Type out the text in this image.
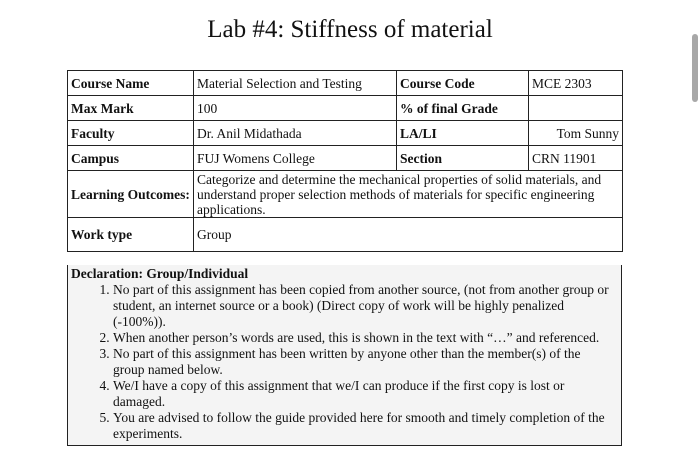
Lab #4: Stiffness of material
Course Name	Material Selection and Testing	Course Code	MCE 2303
Max Mark	100	% of final Grade	
Faculty	Dr. Anil Midathada	LA/LI	Tom Sunny
Campus	FUJ Womens College	Section	CRN 11901
Learning Outcomes:	Categorize and determine the mechanical properties of solid materials, and understand proper selection methods of materials for specific engineering applications.		
Work type	Group		
Declaration: Group/Individual
1. No part of this assignment has been copied from another source, (not from another group or student, an internet source or a book) (Direct copy of work will be highly penalized (-100%)).
2. When another person’s words are used, this is shown in the text with “…” and referenced.
3. No part of this assignment has been written by anyone other than the member(s) of the group named below.
4. We/I have a copy of this assignment that we/I can produce if the first copy is lost or damaged.
5. You are advised to follow the guide provided here for smooth and timely completion of the experiments.
